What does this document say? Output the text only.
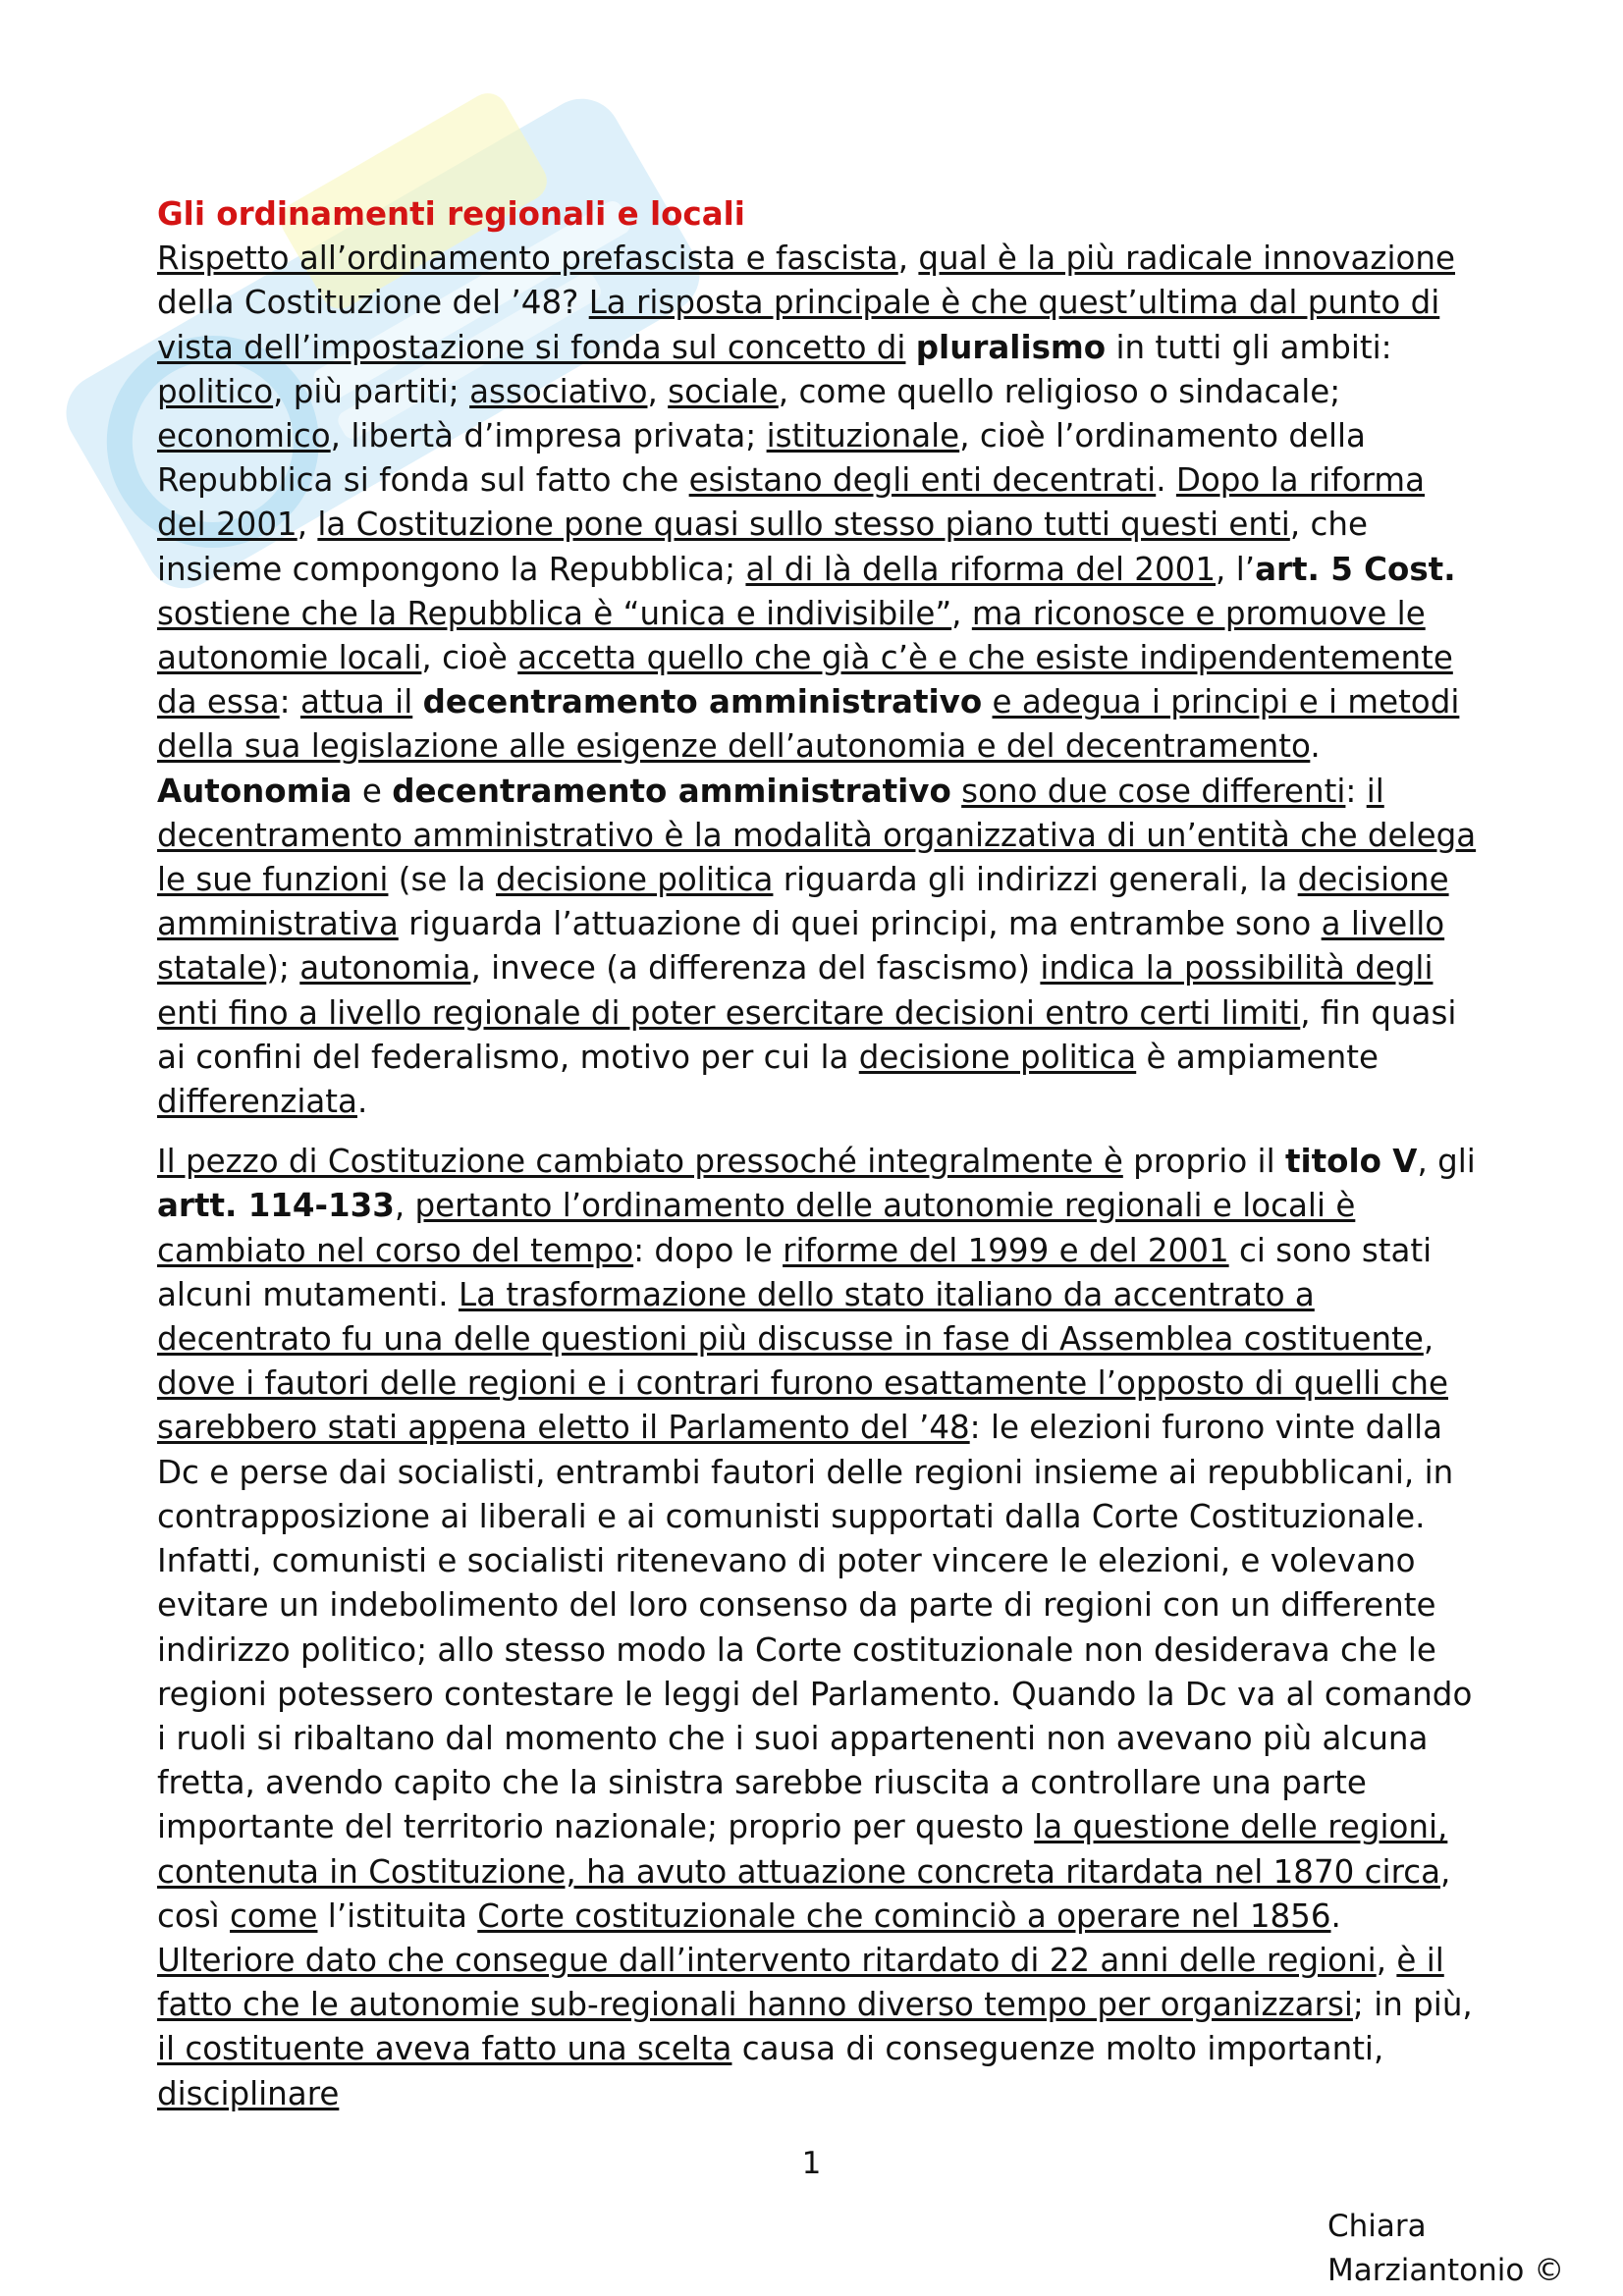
Gli ordinamenti regionali e locali

Rispetto all’ordinamento prefascista e fascista, qual è la più radicale innovazione della Costituzione del ’48? La risposta principale è che quest’ultima dal punto di vista dell’impostazione si fonda sul concetto di pluralismo in tutti gli ambiti: politico, più partiti; associativo, sociale, come quello religioso o sindacale; economico, libertà d’impresa privata; istituzionale, cioè l’ordinamento della Repubblica si fonda sul fatto che esistano degli enti decentrati. Dopo la riforma del 2001, la Costituzione pone quasi sullo stesso piano tutti questi enti, che insieme compongono la Repubblica; al di là della riforma del 2001, l’art. 5 Cost. sostiene che la Repubblica è “unica e indivisibile”, ma riconosce e promuove le autonomie locali, cioè accetta quello che già c’è e che esiste indipendentemente da essa: attua il decentramento amministrativo e adegua i principi e i metodi della sua legislazione alle esigenze dell’autonomia e del decentramento. Autonomia e decentramento amministrativo sono due cose differenti: il decentramento amministrativo è la modalità organizzativa di un’entità che delega le sue funzioni (se la decisione politica riguarda gli indirizzi generali, la decisione amministrativa riguarda l’attuazione di quei principi, ma entrambe sono a livello statale); autonomia, invece (a differenza del fascismo) indica la possibilità degli enti fino a livello regionale di poter esercitare decisioni entro certi limiti, fin quasi ai confini del federalismo, motivo per cui la decisione politica è ampiamente differenziata.

Il pezzo di Costituzione cambiato pressoché integralmente è proprio il titolo V, gli artt. 114-133, pertanto l’ordinamento delle autonomie regionali e locali è cambiato nel corso del tempo: dopo le riforme del 1999 e del 2001 ci sono stati alcuni mutamenti. La trasformazione dello stato italiano da accentrato a decentrato fu una delle questioni più discusse in fase di Assemblea costituente, dove i fautori delle regioni e i contrari furono esattamente l’opposto di quelli che sarebbero stati appena eletto il Parlamento del ’48: le elezioni furono vinte dalla Dc e perse dai socialisti, entrambi fautori delle regioni insieme ai repubblicani, in contrapposizione ai liberali e ai comunisti supportati dalla Corte Costituzionale. Infatti, comunisti e socialisti ritenevano di poter vincere le elezioni, e volevano evitare un indebolimento del loro consenso da parte di regioni con un differente indirizzo politico; allo stesso modo la Corte costituzionale non desiderava che le regioni potessero contestare le leggi del Parlamento. Quando la Dc va al comando i ruoli si ribaltano dal momento che i suoi appartenenti non avevano più alcuna fretta, avendo capito che la sinistra sarebbe riuscita a controllare una parte importante del territorio nazionale; proprio per questo la questione delle regioni, contenuta in Costituzione, ha avuto attuazione concreta ritardata nel 1870 circa, così come l’istituita Corte costituzionale che cominciò a operare nel 1856. Ulteriore dato che consegue dall’intervento ritardato di 22 anni delle regioni, è il fatto che le autonomie sub-regionali hanno diverso tempo per organizzarsi; in più, il costituente aveva fatto una scelta causa di conseguenze molto importanti, disciplinare

1
Chiara
Marziantonio ©
